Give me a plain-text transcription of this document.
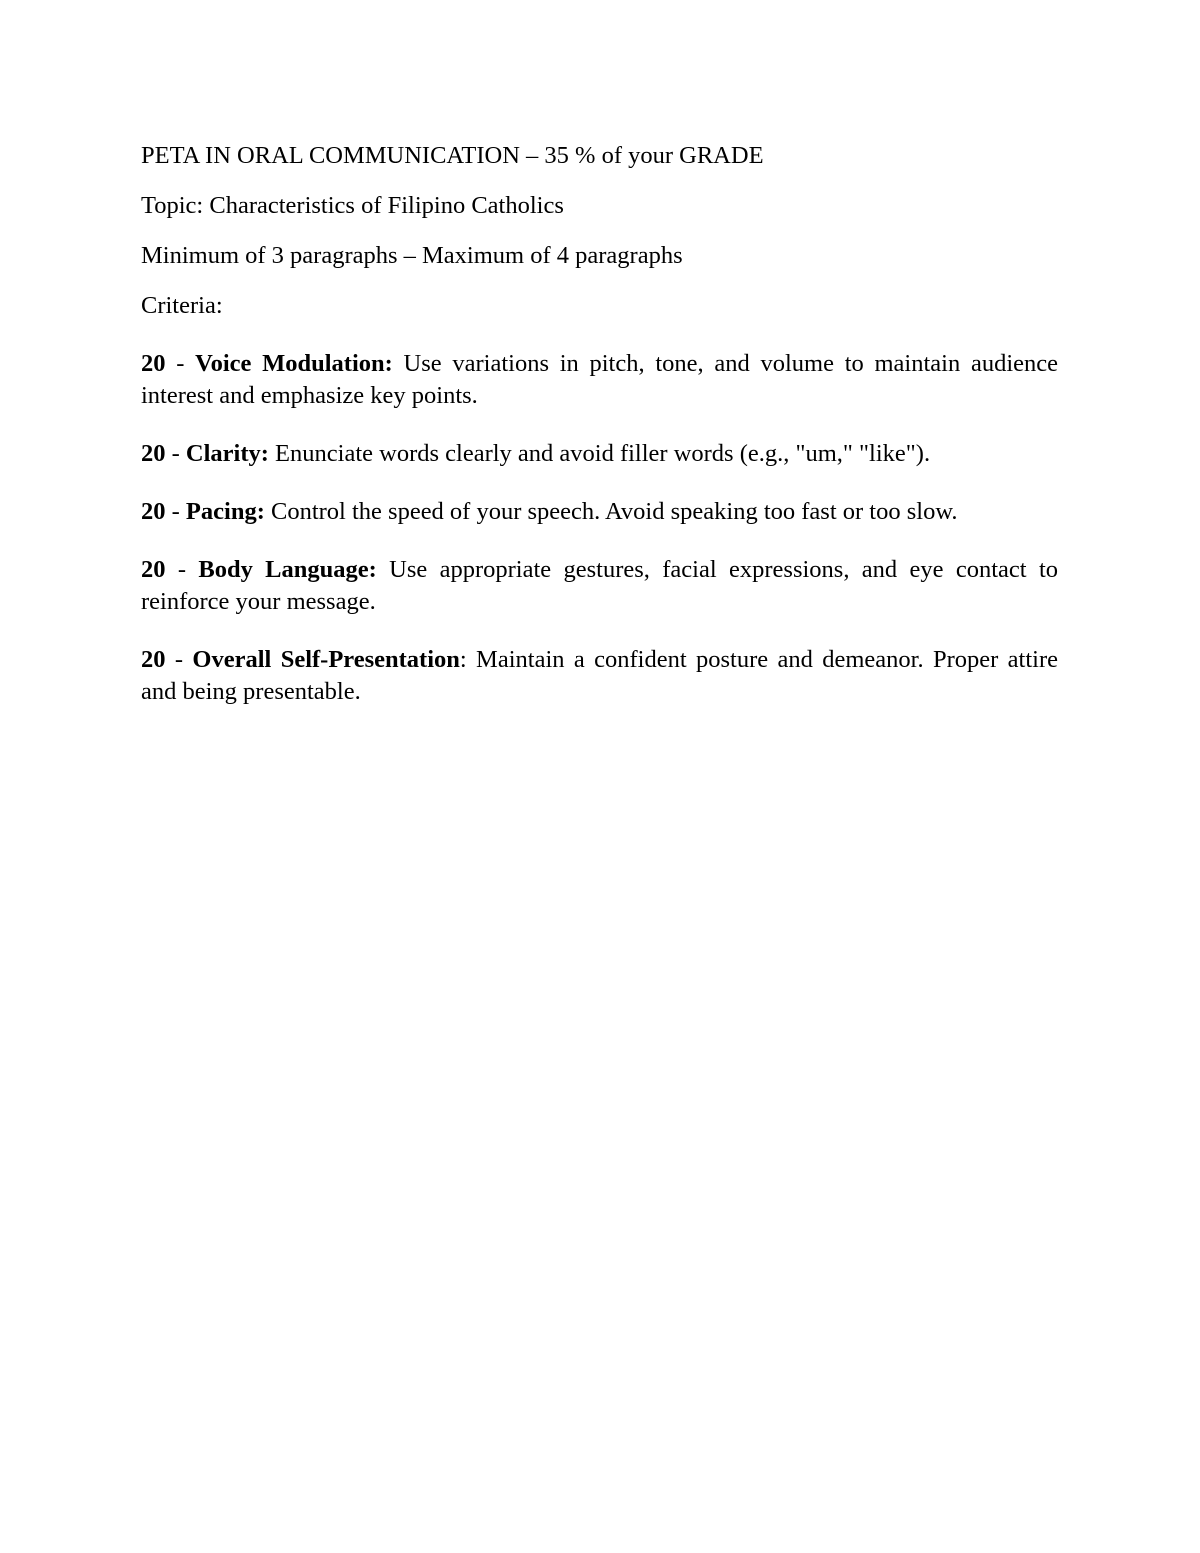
PETA IN ORAL COMMUNICATION – 35 % of your GRADE

Topic: Characteristics of Filipino Catholics

Minimum of 3 paragraphs – Maximum of 4 paragraphs

Criteria:

20 - Voice Modulation: Use variations in pitch, tone, and volume to maintain audience interest and emphasize key points.

20 - Clarity: Enunciate words clearly and avoid filler words (e.g., "um," "like").

20 - Pacing: Control the speed of your speech. Avoid speaking too fast or too slow.

20 - Body Language: Use appropriate gestures, facial expressions, and eye contact to reinforce your message.

20 - Overall Self-Presentation: Maintain a confident posture and demeanor. Proper attire and being presentable.
